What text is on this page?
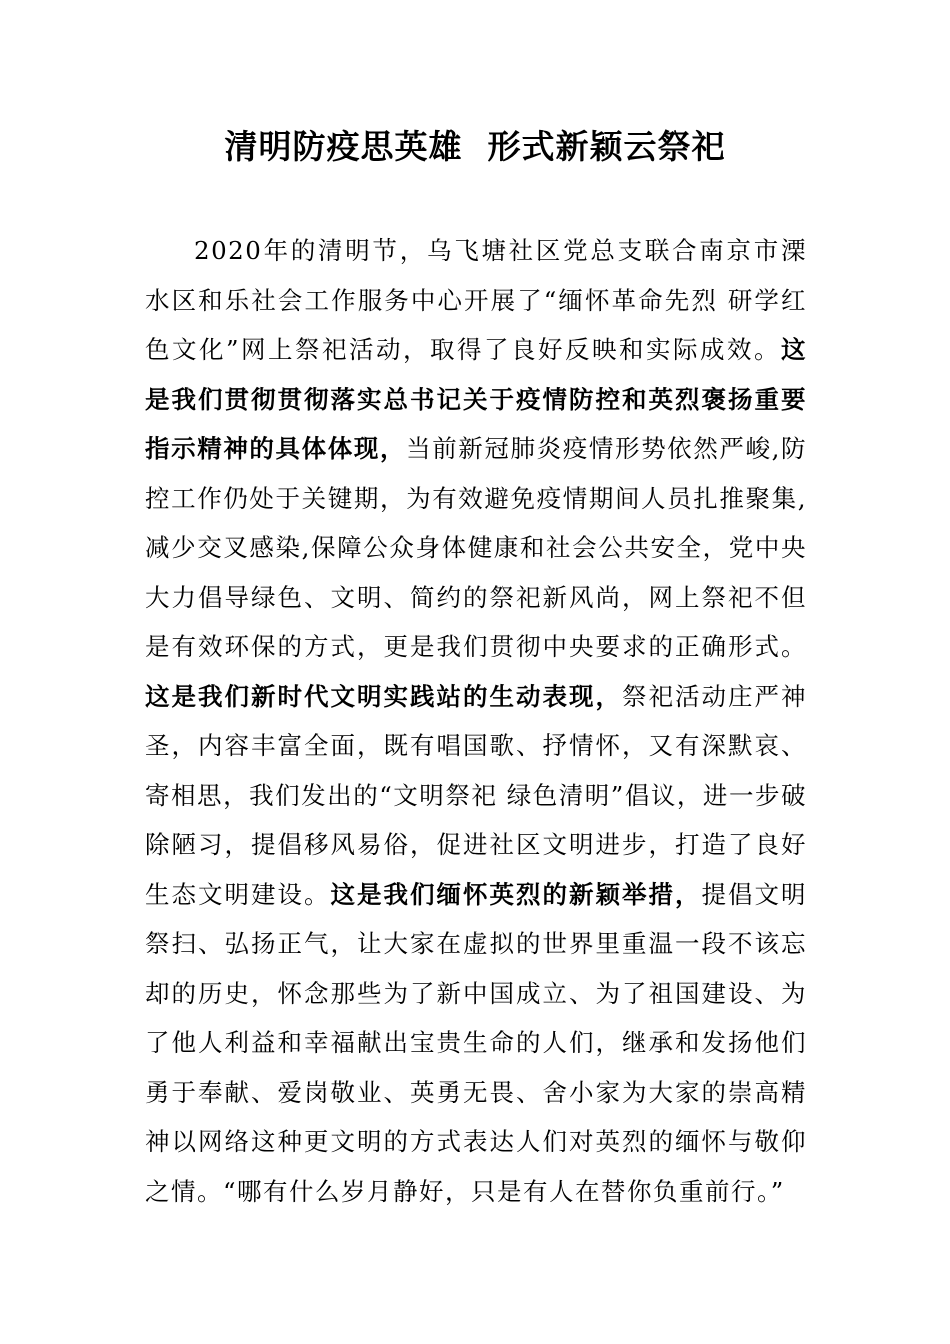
清明防疫思英雄  形式新颖云祭祀

2020年的清明节，乌飞塘社区党总支联合南京市溧水区和乐社会工作服务中心开展了“缅怀革命先烈 研学红色文化”网上祭祀活动，取得了良好反映和实际成效。这是我们贯彻贯彻落实总书记关于疫情防控和英烈褒扬重要指示精神的具体体现，当前新冠肺炎疫情形势依然严峻,防控工作仍处于关键期，为有效避免疫情期间人员扎推聚集,减少交叉感染,保障公众身体健康和社会公共安全，党中央大力倡导绿色、文明、简约的祭祀新风尚，网上祭祀不但是有效环保的方式，更是我们贯彻中央要求的正确形式。这是我们新时代文明实践站的生动表现，祭祀活动庄严神圣，内容丰富全面，既有唱国歌、抒情怀，又有深默哀、寄相思，我们发出的“文明祭祀 绿色清明”倡议，进一步破除陋习，提倡移风易俗，促进社区文明进步，打造了良好生态文明建设。这是我们缅怀英烈的新颖举措，提倡文明祭扫、弘扬正气，让大家在虚拟的世界里重温一段不该忘却的历史，怀念那些为了新中国成立、为了祖国建设、为了他人利益和幸福献出宝贵生命的人们，继承和发扬他们勇于奉献、爱岗敬业、英勇无畏、舍小家为大家的崇高精神以网络这种更文明的方式表达人们对英烈的缅怀与敬仰之情。“哪有什么岁月静好，只是有人在替你负重前行。”
